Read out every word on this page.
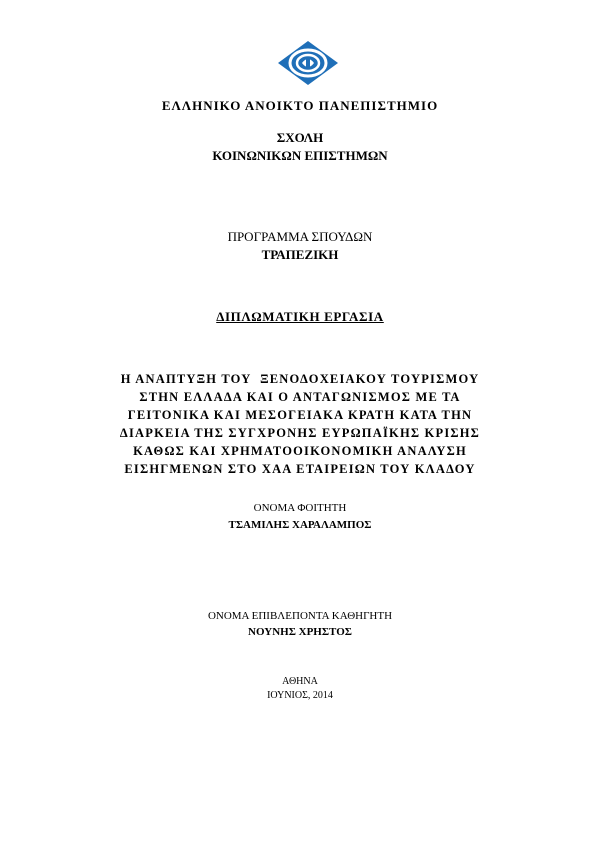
ΕΛΛΗΝΙΚΟ ΑΝΟΙΚΤΟ ΠΑΝΕΠΙΣΤΗΜΙΟ
ΣΧΟΛΗ
ΚΟΙΝΩΝΙΚΩΝ ΕΠΙΣΤΗΜΩΝ
ΠΡΟΓΡΑΜΜΑ ΣΠΟΥΔΩΝ
ΤΡΑΠΕΖΙΚΗ
ΔΙΠΛΩΜΑΤΙΚΗ ΕΡΓΑΣΙΑ
Η ΑΝΑΠΤΥΞΗ ΤΟΥ  ΞΕΝΟΔΟΧΕΙΑΚΟΥ ΤΟΥΡΙΣΜΟΥ
ΣΤΗΝ ΕΛΛΑΔΑ ΚΑΙ Ο ΑΝΤΑΓΩΝΙΣΜΟΣ ΜΕ ΤΑ
ΓΕΙΤΟΝΙΚΑ ΚΑΙ ΜΕΣΟΓΕΙΑΚΑ ΚΡΑΤΗ ΚΑΤΑ ΤΗΝ
ΔΙΑΡΚΕΙΑ ΤΗΣ ΣΥΓΧΡΟΝΗΣ ΕΥΡΩΠΑΪΚΗΣ ΚΡΙΣΗΣ
ΚΑΘΩΣ ΚΑΙ ΧΡΗΜΑΤΟΟΙΚΟΝΟΜΙΚΗ ΑΝΑΛΥΣΗ
ΕΙΣΗΓΜΕΝΩΝ ΣΤΟ ΧΑΑ ΕΤΑΙΡΕΙΩΝ ΤΟΥ ΚΛΑΔΟΥ
ΟΝΟΜΑ ΦΟΙΤΗΤΗ
ΤΣΑΜΙΛΗΣ ΧΑΡΑΛΑΜΠΟΣ
ΟΝΟΜΑ ΕΠΙΒΛΕΠΟΝΤΑ ΚΑΘΗΓΗΤΗ
ΝΟΥΝΗΣ ΧΡΗΣΤΟΣ
ΑΘΗΝΑ
ΙΟΥΝΙΟΣ, 2014
